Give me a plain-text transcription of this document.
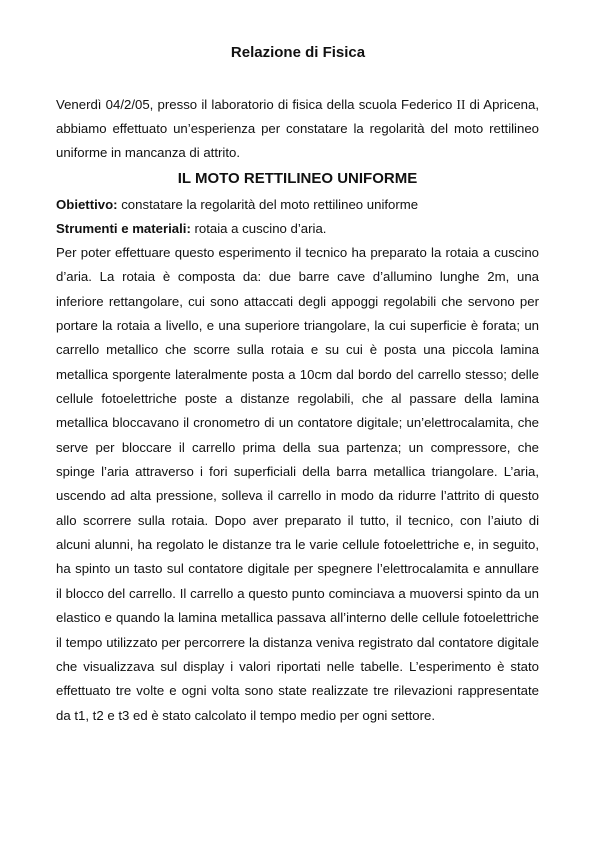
Relazione di Fisica

Venerdì 04/2/05, presso il laboratorio di fisica della scuola Federico II di Apricena, abbiamo effettuato un’esperienza per constatare la regolarità del moto rettilineo uniforme in mancanza di attrito.

IL MOTO RETTILINEO UNIFORME

Obiettivo: constatare la regolarità del moto rettilineo uniforme

Strumenti e materiali: rotaia a cuscino d’aria.

Per poter effettuare questo esperimento il tecnico ha preparato la rotaia a cuscino d’aria. La rotaia è composta da: due barre cave d’allumino lunghe 2m, una inferiore rettangolare, cui sono attaccati degli appoggi regolabili che servono per portare la rotaia a livello, e una superiore triangolare, la cui superficie è forata; un carrello metallico che scorre sulla rotaia e su cui è posta una piccola lamina metallica sporgente lateralmente posta a 10cm dal bordo del carrello stesso; delle cellule fotoelettriche poste a distanze regolabili, che al passare della lamina metallica bloccavano il cronometro di un contatore digitale; un’elettrocalamita, che serve per bloccare il carrello prima della sua partenza; un compressore, che spinge l’aria attraverso i fori superficiali della barra metallica triangolare. L’aria, uscendo ad alta pressione, solleva il carrello in modo da ridurre l’attrito di questo allo scorrere sulla rotaia. Dopo aver preparato il tutto, il tecnico, con l’aiuto di alcuni alunni, ha regolato le distanze tra le varie cellule fotoelettriche e, in seguito, ha spinto un tasto sul contatore digitale per spegnere l’elettrocalamita e annullare il blocco del carrello. Il carrello a questo punto cominciava a muoversi spinto da un elastico e quando la lamina metallica passava all’interno delle cellule fotoelettriche il tempo utilizzato per percorrere la distanza veniva registrato dal contatore digitale che visualizzava sul display i valori riportati nelle tabelle. L’esperimento è stato effettuato tre volte e ogni volta sono state realizzate tre rilevazioni rappresentate da t1, t2 e t3 ed è stato calcolato il tempo medio per ogni settore.
